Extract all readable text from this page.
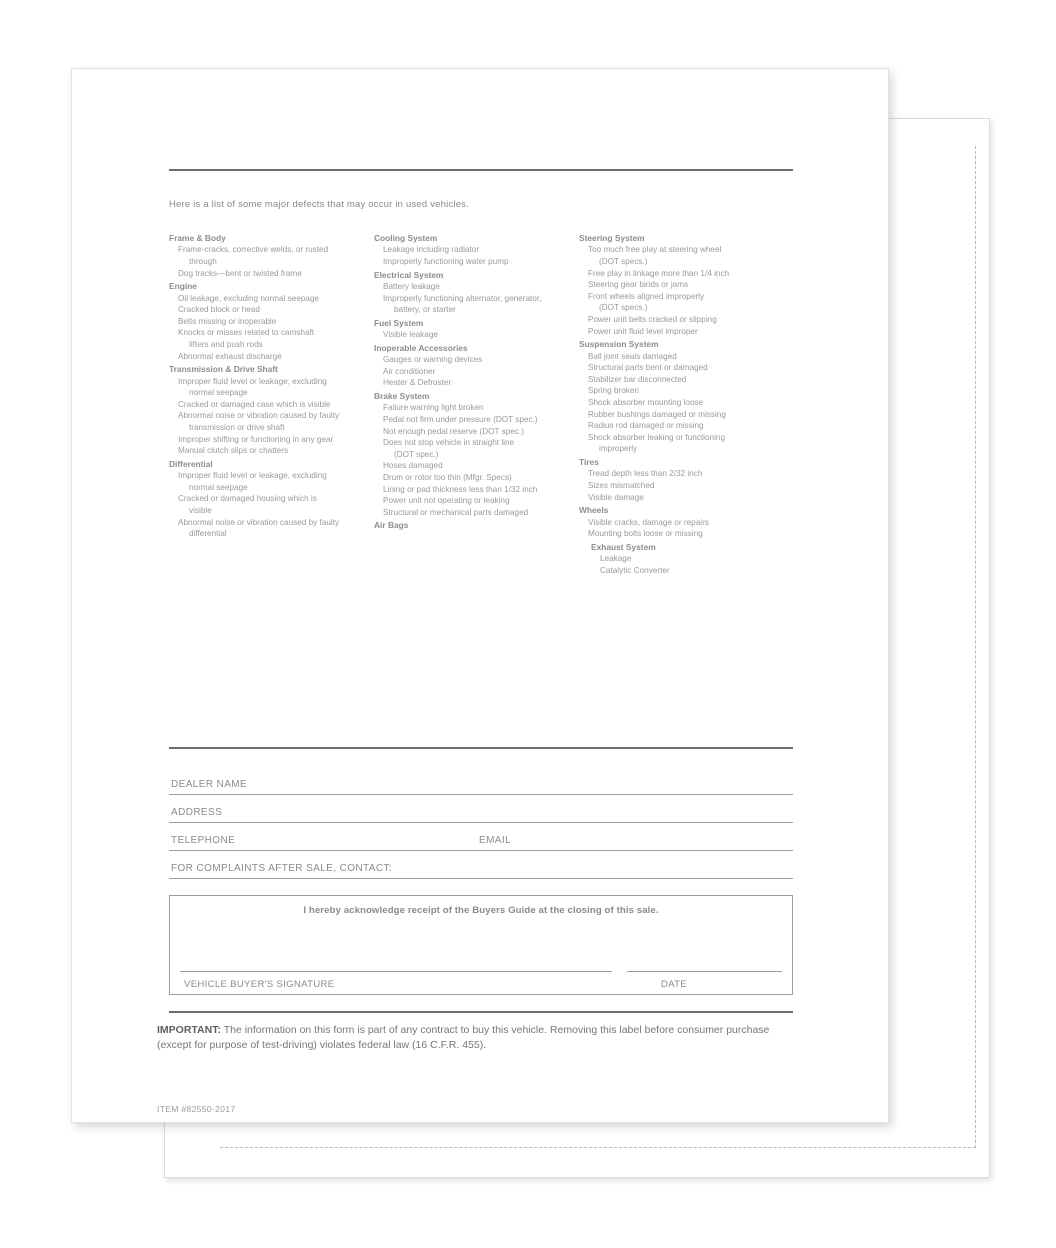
Here is a list of some major defects that may occur in used vehicles.
Frame & Body
Frame-cracks, corrective welds, or rusted
through
Dog tracks—bent or twisted frame
Engine
Oil leakage, excluding normal seepage
Cracked block or head
Belts missing or inoperable
Knocks or misses related to camshaft
lifters and push rods
Abnormal exhaust discharge
Transmission & Drive Shaft
Improper fluid level or leakage, excluding
normal seepage
Cracked or damaged case which is visible
Abnormal noise or vibration caused by faulty
transmission or drive shaft
Improper shifting or functioning in any gear
Manual clutch slips or chatters
Differential
Improper fluid level or leakage, excluding
normal seepage
Cracked or damaged housing which is
visible
Abnormal noise or vibration caused by faulty
differential
Cooling System
Leakage including radiator
Improperly functioning water pump
Electrical System
Battery leakage
Improperly functioning alternator, generator,
battery, or starter
Fuel System
Visible leakage
Inoperable Accessories
Gauges or warning devices
Air conditioner
Heater & Defroster
Brake System
Failure warning light broken
Pedal not firm under pressure (DOT spec.)
Not enough pedal reserve (DOT spec.)
Does not stop vehicle in straight line
(DOT spec.)
Hoses damaged
Drum or rotor too thin (Mfgr. Specs)
Lining or pad thickness less than 1/32 inch
Power unit not operating or leaking
Structural or mechanical parts damaged
Air Bags
Steering System
Too much free play at steering wheel
(DOT specs.)
Free play in linkage more than 1/4 inch
Steering gear binds or jams
Front wheels aligned improperly
(DOT specs.)
Power unit belts cracked or slipping
Power unit fluid level improper
Suspension System
Ball joint seals damaged
Structural parts bent or damaged
Stabilizer bar disconnected
Spring broken
Shock absorber mounting loose
Rubber bushings damaged or missing
Radius rod damaged or missing
Shock absorber leaking or functioning
improperly
Tires
Tread depth less than 2/32 inch
Sizes mismatched
Visible damage
Wheels
Visible cracks, damage or repairs
Mounting bolts loose or missing
Exhaust System
Leakage
Catalytic Converter
DEALER NAME
ADDRESS
TELEPHONE	EMAIL
FOR COMPLAINTS AFTER SALE, CONTACT:
I hereby acknowledge receipt of the Buyers Guide at the closing of this sale.
VEHICLE BUYER'S SIGNATURE	DATE
IMPORTANT: The information on this form is part of any contract to buy this vehicle. Removing this label before consumer purchase (except for purpose of test-driving) violates federal law (16 C.F.R. 455).
ITEM #82550-2017
